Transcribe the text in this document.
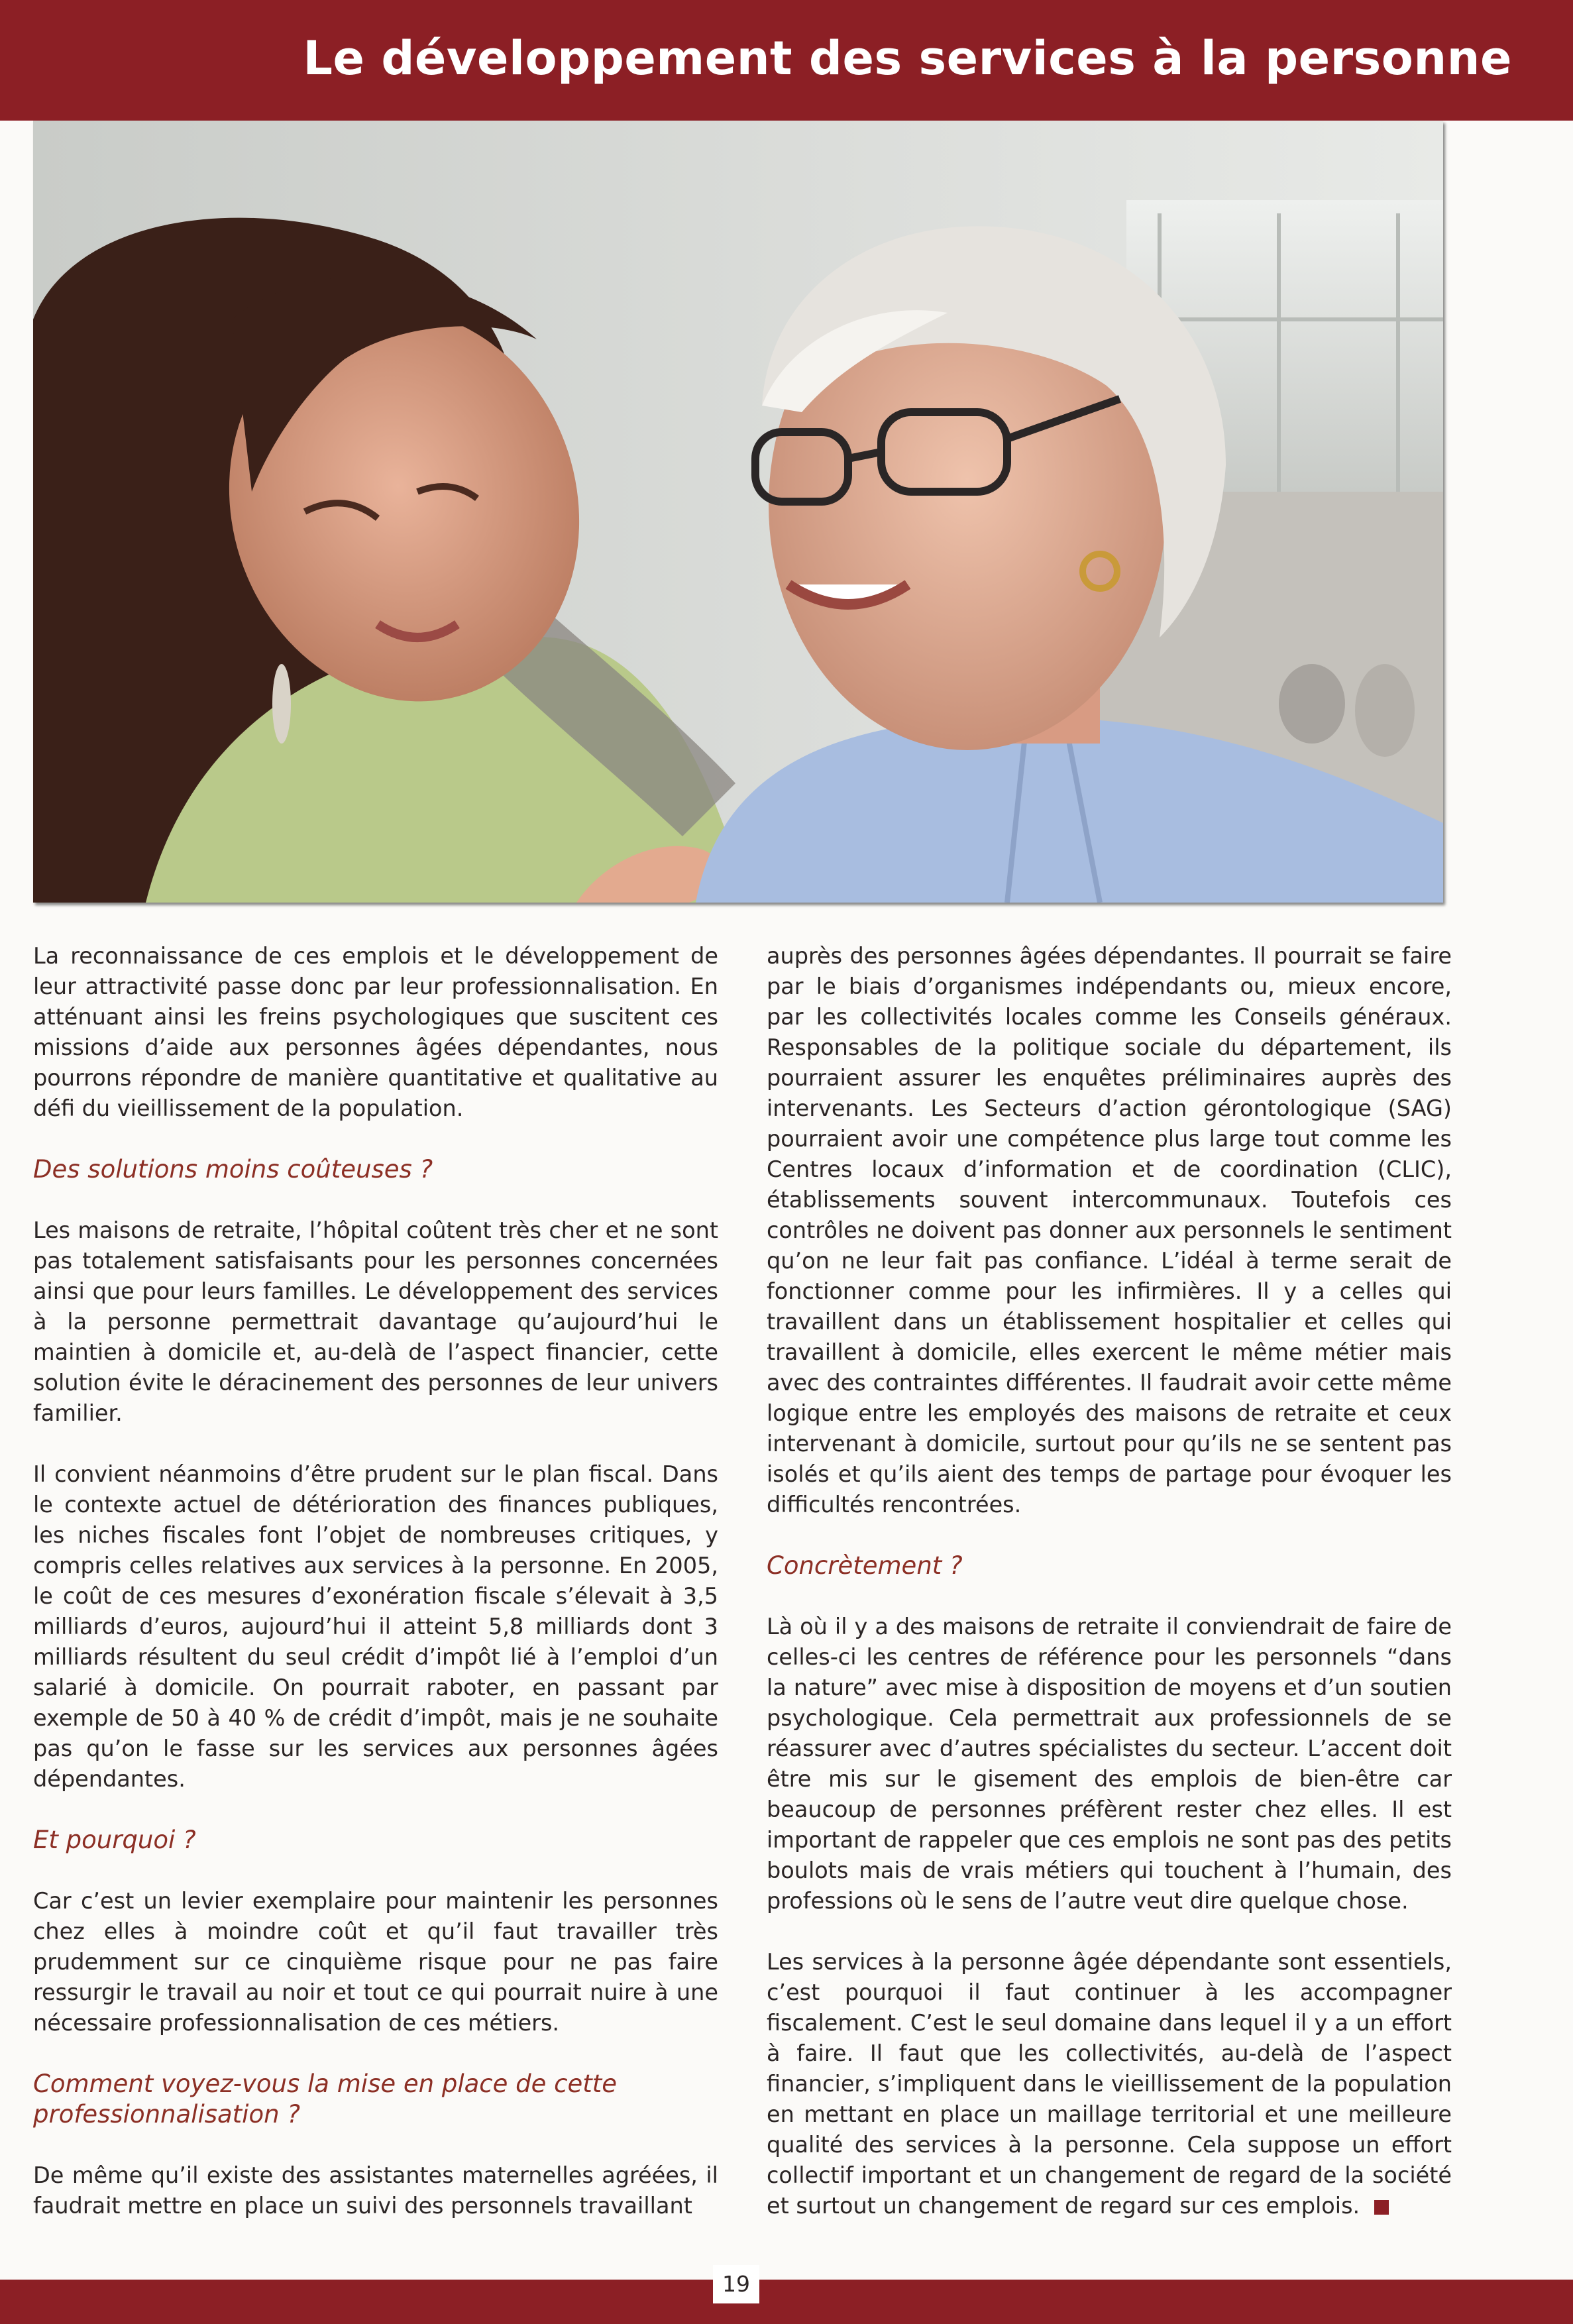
Le développement des services à la personne

La reconnaissance de ces emplois et le développement de leur attractivité passe donc par leur professionnalisation. En atténuant ainsi les freins psychologiques que suscitent ces missions d’aide aux personnes âgées dépendantes, nous pourrons répondre de manière quantitative et qualitative au défi du vieillissement de la population.

Des solutions moins coûteuses ?

Les maisons de retraite, l’hôpital coûtent très cher et ne sont pas totalement satisfaisants pour les personnes concernées ainsi que pour leurs familles. Le développement des services à la personne permettrait davantage qu’aujourd’hui le maintien à domicile et, au-delà de l’aspect financier, cette solution évite le déracinement des personnes de leur univers familier.

Il convient néanmoins d’être prudent sur le plan fiscal. Dans le contexte actuel de détérioration des finances publiques, les niches fiscales font l’objet de nombreuses critiques, y compris celles relatives aux services à la personne. En 2005, le coût de ces mesures d’exonération fiscale s’élevait à 3,5 milliards d’euros, aujourd’hui il atteint 5,8 milliards dont 3 milliards résultent du seul crédit d’impôt lié à l’emploi d’un salarié à domicile. On pourrait raboter, en passant par exemple de 50 à 40 % de crédit d’impôt, mais je ne souhaite pas qu’on le fasse sur les services aux personnes âgées dépendantes.

Et pourquoi ?

Car c’est un levier exemplaire pour maintenir les personnes chez elles à moindre coût et qu’il faut travailler très prudemment sur ce cinquième risque pour ne pas faire ressurgir le travail au noir et tout ce qui pourrait nuire à une nécessaire professionnalisation de ces métiers.

Comment voyez-vous la mise en place de cette professionnalisation ?

De même qu’il existe des assistantes maternelles agréées, il faudrait mettre en place un suivi des personnels travaillant

auprès des personnes âgées dépendantes. Il pourrait se faire par le biais d’organismes indépendants ou, mieux encore, par les collectivités locales comme les Conseils généraux. Responsables de la politique sociale du département, ils pourraient assurer les enquêtes préliminaires auprès des intervenants. Les Secteurs d’action gérontologique (SAG) pourraient avoir une compétence plus large tout comme les Centres locaux d’information et de coordination (CLIC), établissements souvent intercommunaux. Toutefois ces contrôles ne doivent pas donner aux personnels le sentiment qu’on ne leur fait pas confiance. L’idéal à terme serait de fonctionner comme pour les infirmières. Il y a celles qui travaillent dans un établissement hospitalier et celles qui travaillent à domicile, elles exercent le même métier mais avec des contraintes différentes. Il faudrait avoir cette même logique entre les employés des maisons de retraite et ceux intervenant à domicile, surtout pour qu’ils ne se sentent pas isolés et qu’ils aient des temps de partage pour évoquer les difficultés rencontrées.

Concrètement ?

Là où il y a des maisons de retraite il conviendrait de faire de celles-ci les centres de référence pour les personnels “dans la nature” avec mise à disposition de moyens et d’un soutien psychologique. Cela permettrait aux professionnels de se réassurer avec d’autres spécialistes du secteur. L’accent doit être mis sur le gisement des emplois de bien-être car beaucoup de personnes préfèrent rester chez elles. Il est important de rappeler que ces emplois ne sont pas des petits boulots mais de vrais métiers qui touchent à l’humain, des professions où le sens de l’autre veut dire quelque chose.

Les services à la personne âgée dépendante sont essentiels, c’est pourquoi il faut continuer à les accompagner fiscalement. C’est le seul domaine dans lequel il y a un effort à faire. Il faut que les collectivités, au-delà de l’aspect financier, s’impliquent dans le vieillissement de la population en mettant en place un maillage territorial et une meilleure qualité des services à la personne. Cela suppose un effort collectif important et un changement de regard de la société et surtout un changement de regard sur ces emplois.

19
